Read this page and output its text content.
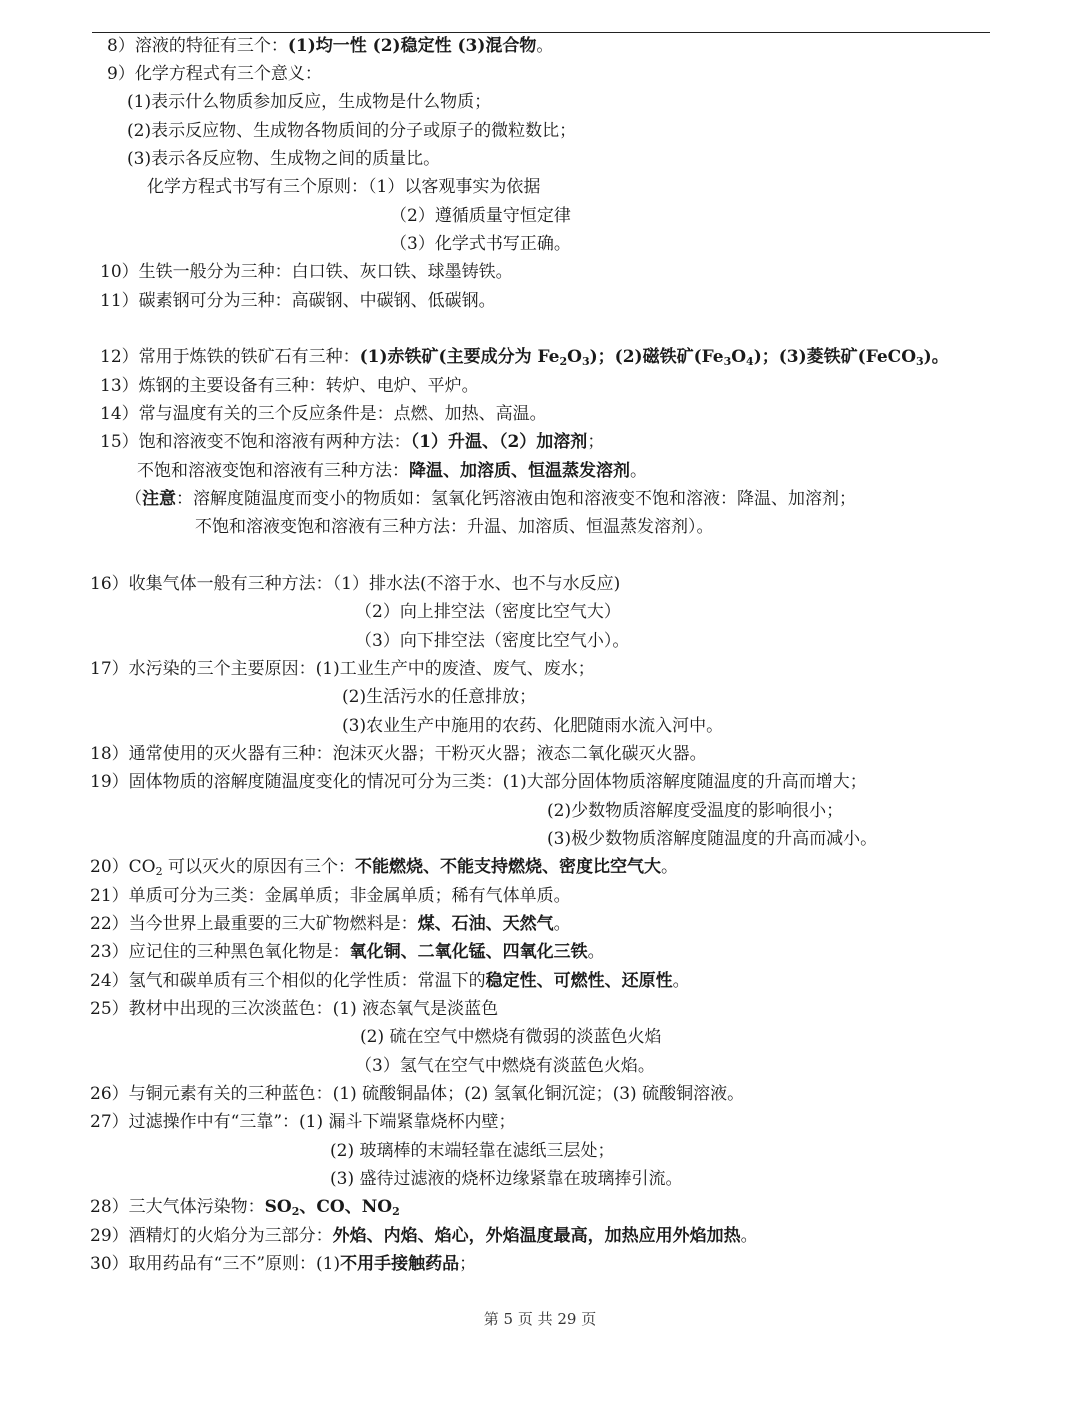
8）溶液的特征有三个：(1)均一性 (2)稳定性 (3)混合物。
9）化学方程式有三个意义：
(1)表示什么物质参加反应，生成物是什么物质；
(2)表示反应物、生成物各物质间的分子或原子的微粒数比；
(3)表示各反应物、生成物之间的质量比。
化学方程式书写有三个原则：（1）以客观事实为依据
（2）遵循质量守恒定律
（3）化学式书写正确。
10）生铁一般分为三种：白口铁、灰口铁、球墨铸铁。
11）碳素钢可分为三种：高碳钢、中碳钢、低碳钢。
12）常用于炼铁的铁矿石有三种：(1)赤铁矿(主要成分为 $Fe_2O_3$)；(2)磁铁矿$(Fe_3O_4)$；(3)菱铁矿(FeCO$_3$)。
13）炼钢的主要设备有三种：转炉、电炉、平炉。
14）常与温度有关的三个反应条件是：点燃、加热、高温。
15）饱和溶液变不饱和溶液有两种方法：（1）升温、（2）加溶剂；
不饱和溶液变饱和溶液有三种方法：降温、加溶质、恒温蒸发溶剂。
（注意：溶解度随温度而变小的物质如：氢氧化钙溶液由饱和溶液变不饱和溶液：降温、加溶剂；
不饱和溶液变饱和溶液有三种方法：升温、加溶质、恒温蒸发溶剂）。
16）收集气体一般有三种方法：（1）排水法(不溶于水、也不与水反应)
（2）向上排空法（密度比空气大）
（3）向下排空法（密度比空气小）。
17）水污染的三个主要原因：(1)工业生产中的废渣、废气、废水；
(2)生活污水的任意排放；
(3)农业生产中施用的农药、化肥随雨水流入河中。
18）通常使用的灭火器有三种：泡沫灭火器；干粉灭火器；液态二氧化碳灭火器。
19）固体物质的溶解度随温度变化的情况可分为三类：(1)大部分固体物质溶解度随温度的升高而增大；
(2)少数物质溶解度受温度的影响很小；
(3)极少数物质溶解度随温度的升高而减小。
$20)CO_2$ 可以灭火的原因有三个：不能燃烧、不能支持燃烧、密度比空气大。
21）单质可分为三类：金属单质；非金属单质；稀有气体单质。
22）当今世界上最重要的三大矿物燃料是：煤、石油、天然气。
23）应记住的三种黑色氧化物是：氧化铜、二氧化锰、四氧化三铁。
24）氢气和碳单质有三个相似的化学性质：常温下的稳定性、可燃性、还原性。
25）教材中出现的三次淡蓝色：(1) 液态氧气是淡蓝色
(2) 硫在空气中燃烧有微弱的淡蓝色火焰
（3）氢气在空气中燃烧有淡蓝色火焰。
26）与铜元素有关的三种蓝色：(1) 硫酸铜晶体；(2) 氢氧化铜沉淀；(3) 硫酸铜溶液。
27）过滤操作中有“三靠”：(1) 漏斗下端紧靠烧杯内壁；
(2) 玻璃棒的末端轻靠在滤纸三层处；
(3) 盛待过滤液的烧杯边缘紧靠在玻璃捧引流。
28）三大气体污染物：$SO_2$、CO、$NO_2$
29）酒精灯的火焰分为三部分：外焰、内焰、焰心，外焰温度最高，加热应用外焰加热。
30）取用药品有“三不”原则：(1)不用手接触药品；
第 5 页 共 29 页
